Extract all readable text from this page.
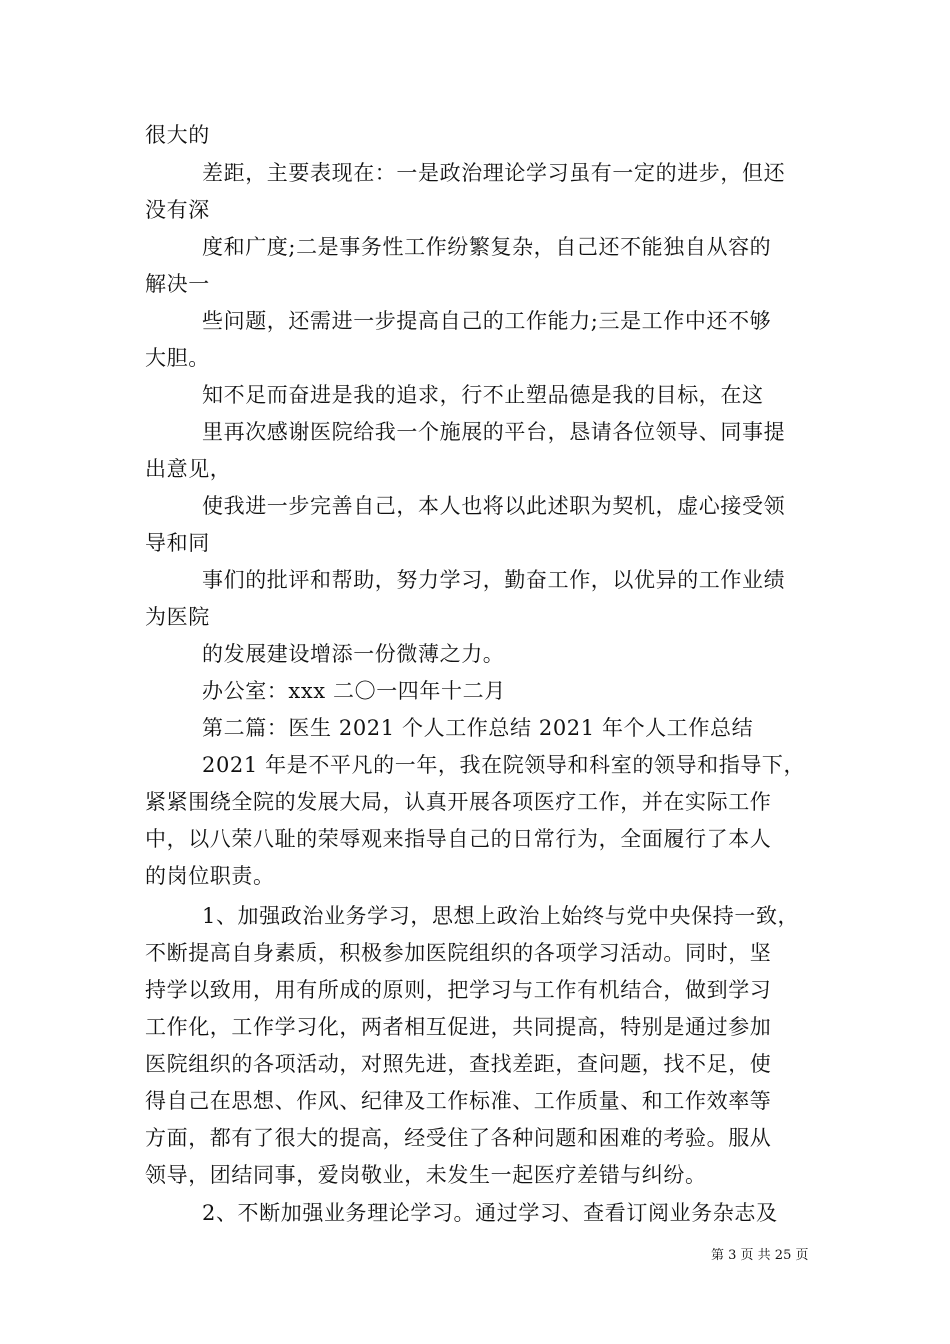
很大的
差距，主要表现在：一是政治理论学习虽有一定的进步，但还
没有深
度和广度;二是事务性工作纷繁复杂，自己还不能独自从容的
解决一
些问题，还需进一步提高自己的工作能力;三是工作中还不够
大胆。
知不足而奋进是我的追求，行不止塑品德是我的目标，在这
里再次感谢医院给我一个施展的平台，恳请各位领导、同事提
出意见，
使我进一步完善自己，本人也将以此述职为契机，虚心接受领
导和同
事们的批评和帮助，努力学习，勤奋工作，以优异的工作业绩
为医院
的发展建设增添一份微薄之力。
办公室：xxx 二〇一四年十二月
第二篇：医生 2021 个人工作总结 2021 年个人工作总结
2021 年是不平凡的一年，我在院领导和科室的领导和指导下，
紧紧围绕全院的发展大局，认真开展各项医疗工作，并在实际工作
中，以八荣八耻的荣辱观来指导自己的日常行为，全面履行了本人
的岗位职责。
1、加强政治业务学习，思想上政治上始终与党中央保持一致，
不断提高自身素质，积极参加医院组织的各项学习活动。同时，坚
持学以致用，用有所成的原则，把学习与工作有机结合，做到学习
工作化，工作学习化，两者相互促进，共同提高，特别是通过参加
医院组织的各项活动，对照先进，查找差距，查问题，找不足，使
得自己在思想、作风、纪律及工作标准、工作质量、和工作效率等
方面，都有了很大的提高，经受住了各种问题和困难的考验。服从
领导，团结同事，爱岗敬业，未发生一起医疗差错与纠纷。
2、不断加强业务理论学习。通过学习、查看订阅业务杂志及
第 3 页 共 25 页
